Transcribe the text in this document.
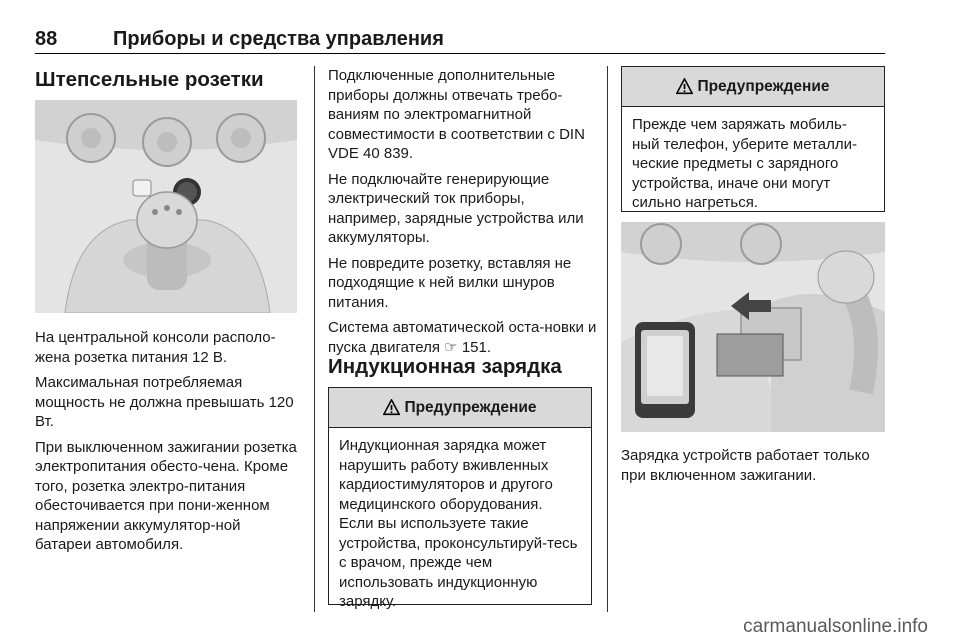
88	Приборы и средства управления
Штепсельные розетки

На центральной консоли располо-жена розетка питания 12 В.

Максимальная потребляемая мощность не должна превышать 120 Вт.

При выключенном зажигании розетка электропитания обесто-чена. Кроме того, розетка электро-питания обесточивается при пони-женном напряжении аккумулятор-ной батареи автомобиля.

Подключенные дополнительные приборы должны отвечать требо-ваниям по электромагнитной совместимости в соответствии с DIN VDE 40 839.

Не подключайте генерирующие электрический ток приборы, например, зарядные устройства или аккумуляторы.

Не повредите розетку, вставляя не подходящие к ней вилки шнуров питания.

Система автоматической оста-новки и пуска двигателя ☞ 151.

Индукционная зарядка
Предупреждение
Индукционная зарядка может нарушить работу вживленных кардиостимуляторов и другого медицинского оборудования. Если вы используете такие устройства, проконсультируй-тесь с врачом, прежде чем использовать индукционную зарядку.
Предупреждение
Прежде чем заряжать мобиль-ный телефон, уберите металли-ческие предметы с зарядного устройства, иначе они могут сильно нагреться.

Зарядка устройств работает только при включенном зажигании.

carmanualsonline.info
